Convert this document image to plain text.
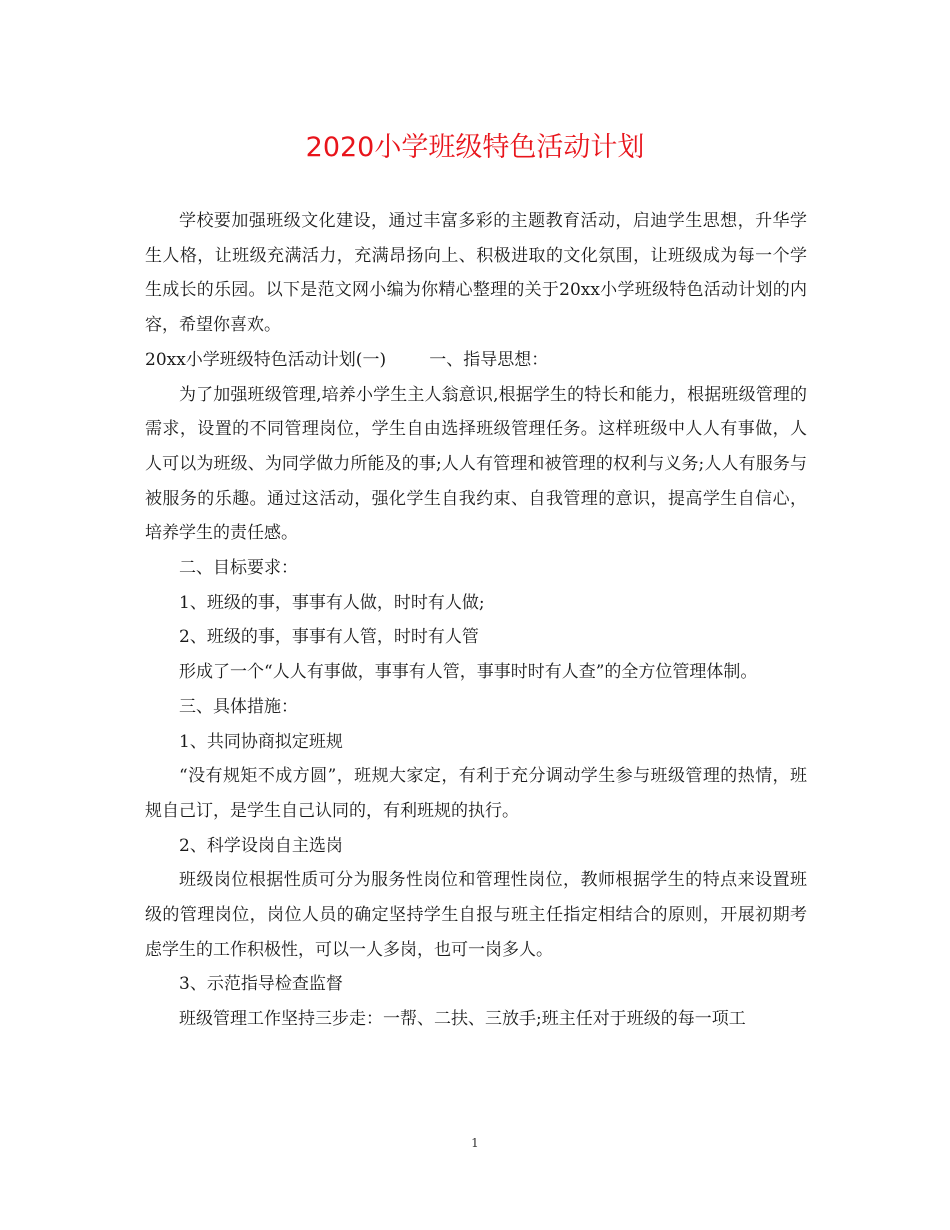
2020小学班级特色活动计划

学校要加强班级文化建设，通过丰富多彩的主题教育活动，启迪学生思想，升华学生人格，让班级充满活力，充满昂扬向上、积极进取的文化氛围，让班级成为每一个学生成长的乐园。以下是范文网小编为你精心整理的关于20xx小学班级特色活动计划的内容，希望你喜欢。

20xx小学班级特色活动计划(一)        一、指导思想：

为了加强班级管理,培养小学生主人翁意识,根据学生的特长和能力，根据班级管理的需求，设置的不同管理岗位，学生自由选择班级管理任务。这样班级中人人有事做，人人可以为班级、为同学做力所能及的事;人人有管理和被管理的权利与义务;人人有服务与被服务的乐趣。通过这活动，强化学生自我约束、自我管理的意识，提高学生自信心，培养学生的责任感。

二、目标要求：

1、班级的事，事事有人做，时时有人做;

2、班级的事，事事有人管，时时有人管

形成了一个“人人有事做，事事有人管，事事时时有人查”的全方位管理体制。

三、具体措施：

1、共同协商拟定班规

“没有规矩不成方圆”，班规大家定，有利于充分调动学生参与班级管理的热情，班规自己订，是学生自己认同的，有利班规的执行。

2、科学设岗自主选岗

班级岗位根据性质可分为服务性岗位和管理性岗位，教师根据学生的特点来设置班级的管理岗位，岗位人员的确定坚持学生自报与班主任指定相结合的原则，开展初期考虑学生的工作积极性，可以一人多岗，也可一岗多人。

3、示范指导检查监督

班级管理工作坚持三步走：一帮、二扶、三放手;班主任对于班级的每一项工

1
